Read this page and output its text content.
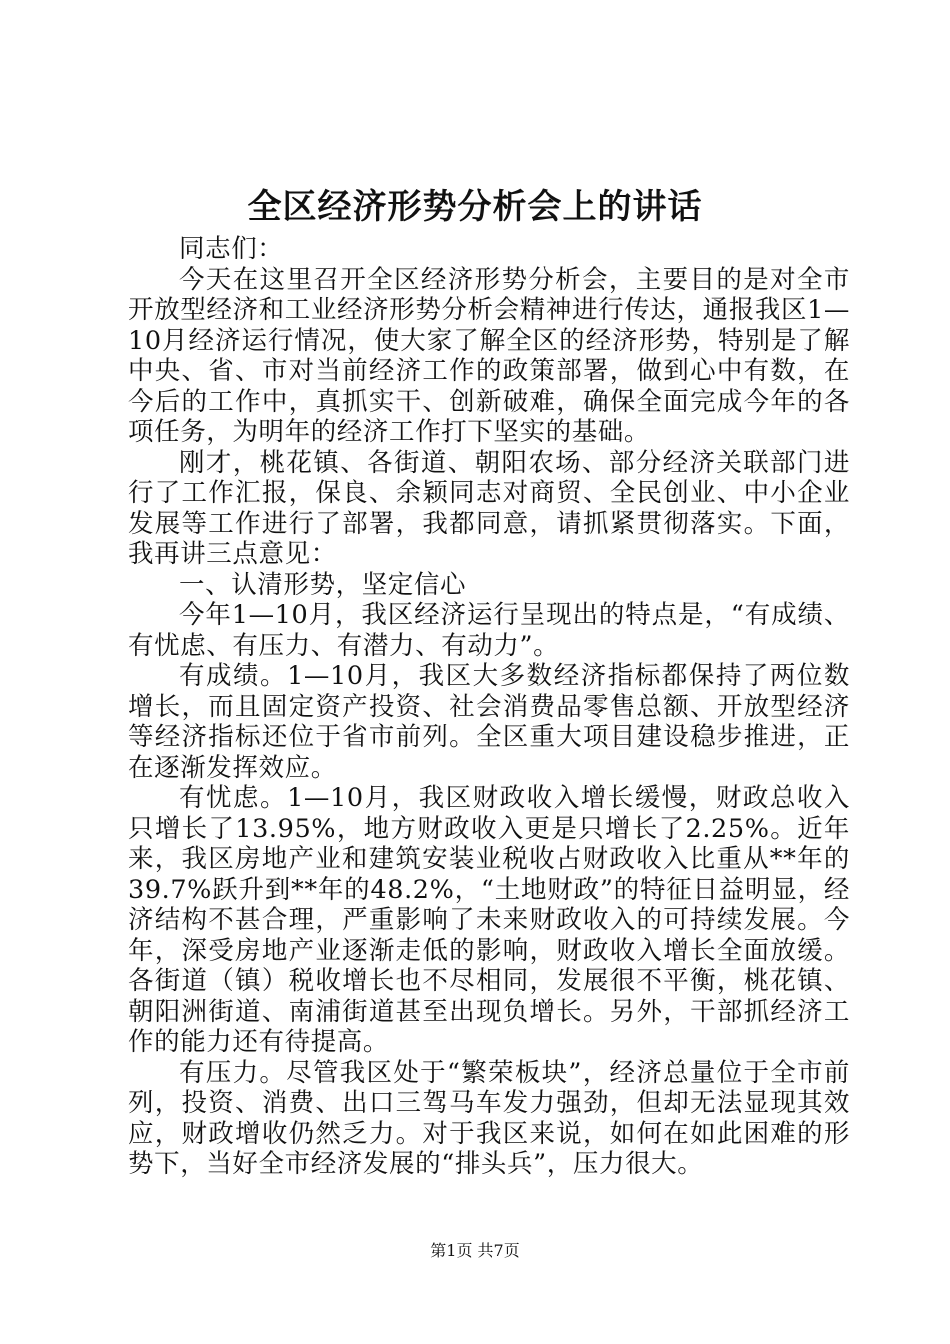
全区经济形势分析会上的讲话

同志们：

今天在这里召开全区经济形势分析会，主要目的是对全市开放型经济和工业经济形势分析会精神进行传达，通报我区1—10月经济运行情况，使大家了解全区的经济形势，特别是了解中央、省、市对当前经济工作的政策部署，做到心中有数，在今后的工作中，真抓实干、创新破难，确保全面完成今年的各项任务，为明年的经济工作打下坚实的基础。

刚才，桃花镇、各街道、朝阳农场、部分经济关联部门进行了工作汇报，保良、余颖同志对商贸、全民创业、中小企业发展等工作进行了部署，我都同意，请抓紧贯彻落实。下面，我再讲三点意见：

一、认清形势，坚定信心

今年1—10月，我区经济运行呈现出的特点是，“有成绩、有忧虑、有压力、有潜力、有动力”。

有成绩。1—10月，我区大多数经济指标都保持了两位数增长，而且固定资产投资、社会消费品零售总额、开放型经济等经济指标还位于省市前列。全区重大项目建设稳步推进，正在逐渐发挥效应。

有忧虑。1—10月，我区财政收入增长缓慢，财政总收入只增长了13.95%，地方财政收入更是只增长了2.25%。近年来，我区房地产业和建筑安装业税收占财政收入比重从**年的39.7%跃升到**年的48.2%，“土地财政”的特征日益明显，经济结构不甚合理，严重影响了未来财政收入的可持续发展。今年，深受房地产业逐渐走低的影响，财政收入增长全面放缓。各街道（镇）税收增长也不尽相同，发展很不平衡，桃花镇、朝阳洲街道、南浦街道甚至出现负增长。另外，干部抓经济工作的能力还有待提高。

有压力。尽管我区处于“繁荣板块”，经济总量位于全市前列，投资、消费、出口三驾马车发力强劲，但却无法显现其效应，财政增收仍然乏力。对于我区来说，如何在如此困难的形势下，当好全市经济发展的“排头兵”，压力很大。

第1页 共7页
